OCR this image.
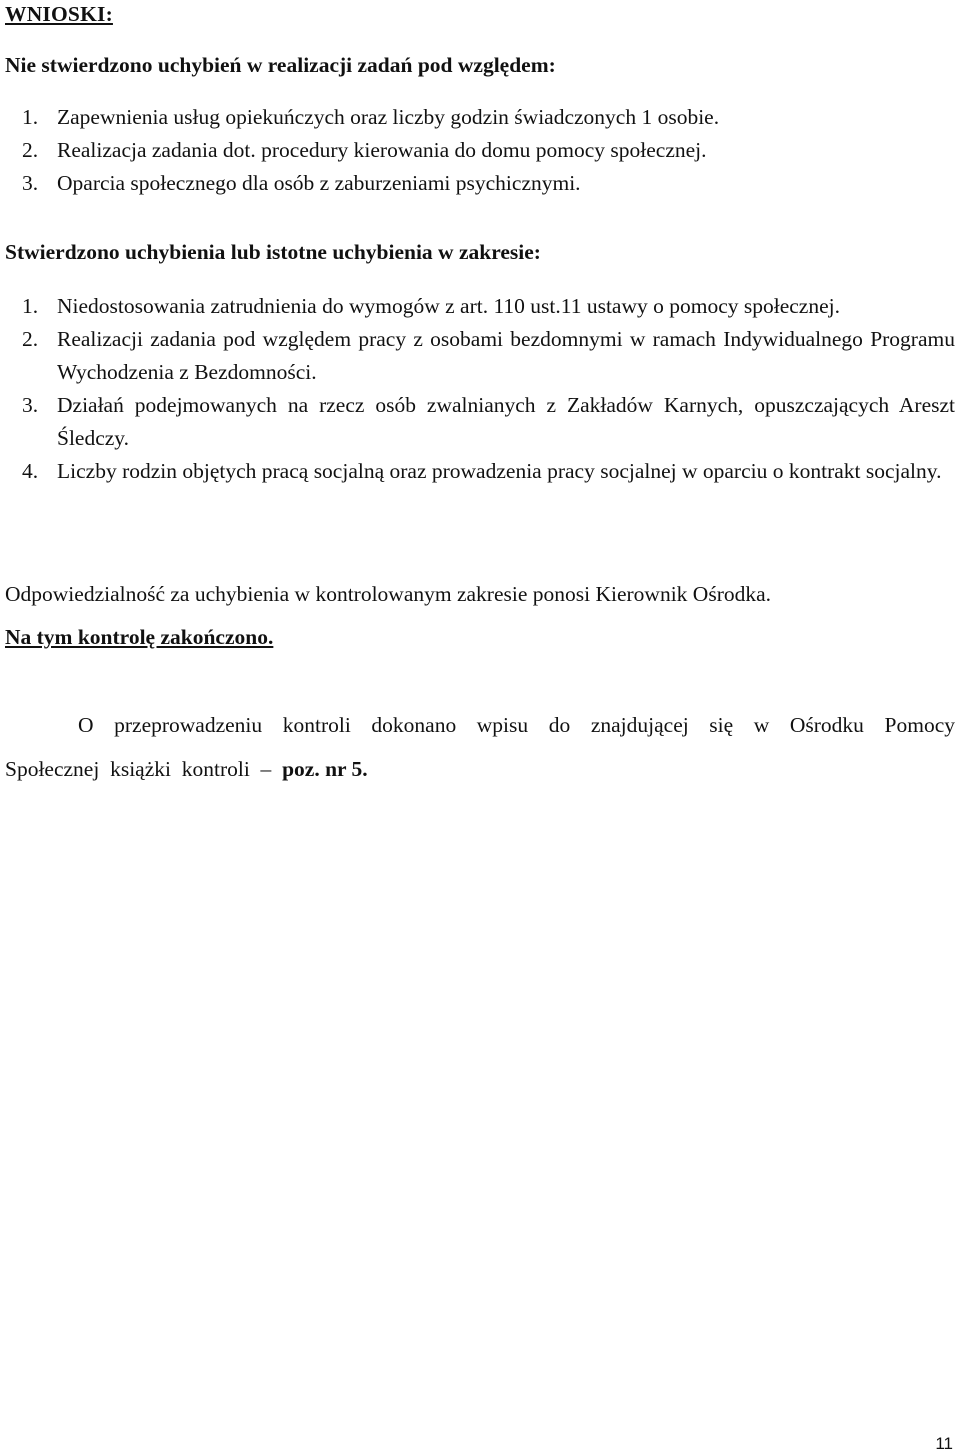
WNIOSKI:
Nie stwierdzono uchybień w realizacji zadań pod względem:
1. Zapewnienia usług opiekuńczych oraz liczby godzin świadczonych 1 osobie.
2. Realizacja zadania dot. procedury kierowania do domu pomocy społecznej.
3. Oparcia społecznego dla osób z zaburzeniami psychicznymi.
Stwierdzono uchybienia lub istotne uchybienia w zakresie:
1. Niedostosowania zatrudnienia do wymogów z art. 110 ust.11 ustawy o pomocy społecznej.
2. Realizacji zadania pod względem pracy z osobami bezdomnymi w ramach Indywidualnego Programu Wychodzenia z Bezdomności.
3. Działań podejmowanych na rzecz osób zwalnianych z Zakładów Karnych, opuszczających Areszt Śledczy.
4. Liczby rodzin objętych pracą socjalną oraz prowadzenia pracy socjalnej w oparciu o kontrakt socjalny.
Odpowiedzialność za uchybienia w kontrolowanym zakresie ponosi Kierownik Ośrodka.
Na tym kontrolę zakończono.
O przeprowadzeniu kontroli dokonano wpisu do znajdującej się w Ośrodku Pomocy
Społecznej  książki  kontroli  –  poz. nr 5.
11
